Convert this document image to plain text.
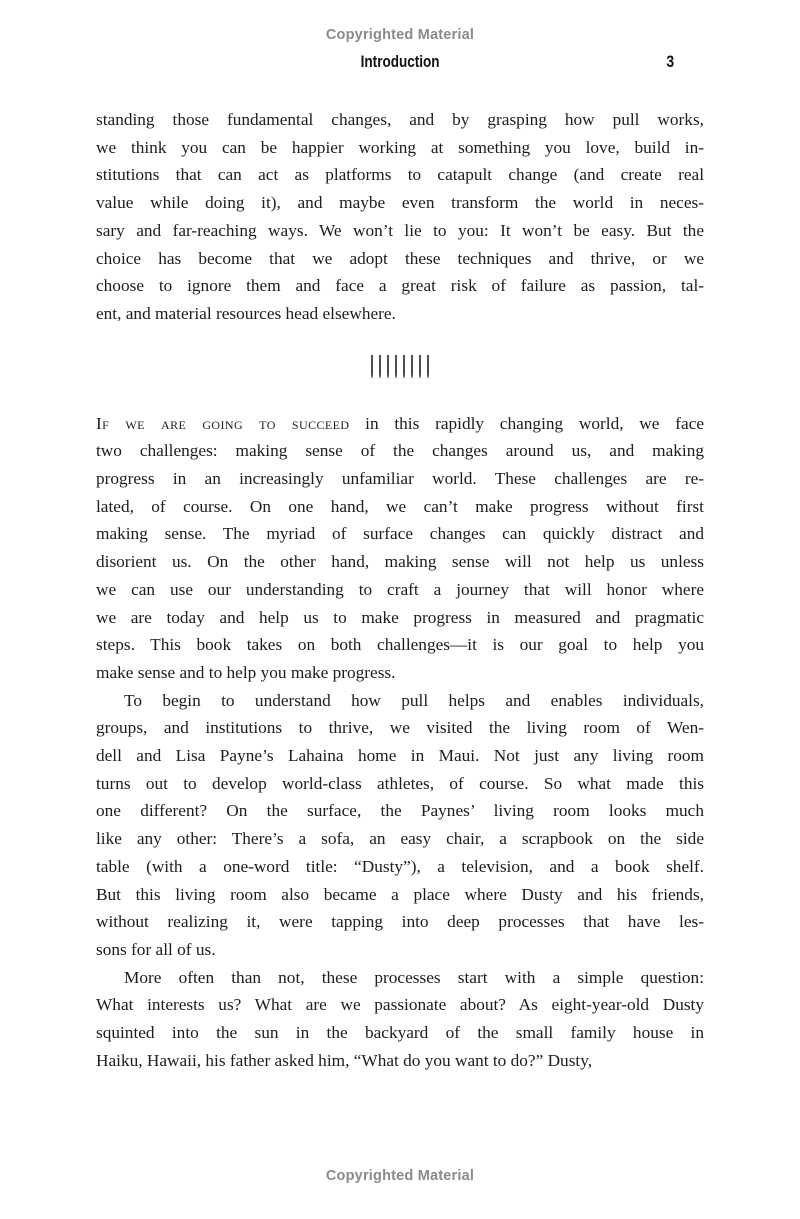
Copyrighted Material
Introduction	3
standing those fundamental changes, and by grasping how pull works,
we think you can be happier working at something you love, build in-
stitutions that can act as platforms to catapult change (and create real
value while doing it), and maybe even transform the world in neces-
sary and far-reaching ways. We won’t lie to you: It won’t be easy. But the
choice has become that we adopt these techniques and thrive, or we
choose to ignore them and face a great risk of failure as passion, tal-
ent, and material resources head elsewhere.
If we are going to succeed in this rapidly changing world, we face
two challenges: making sense of the changes around us, and making
progress in an increasingly unfamiliar world. These challenges are re-
lated, of course. On one hand, we can’t make progress without first
making sense. The myriad of surface changes can quickly distract and
disorient us. On the other hand, making sense will not help us unless
we can use our understanding to craft a journey that will honor where
we are today and help us to make progress in measured and pragmatic
steps. This book takes on both challenges—it is our goal to help you
make sense and to help you make progress.
To begin to understand how pull helps and enables individuals,
groups, and institutions to thrive, we visited the living room of Wen-
dell and Lisa Payne’s Lahaina home in Maui. Not just any living room
turns out to develop world-class athletes, of course. So what made this
one different? On the surface, the Paynes’ living room looks much
like any other: There’s a sofa, an easy chair, a scrapbook on the side
table (with a one-word title: “Dusty”), a television, and a book shelf.
But this living room also became a place where Dusty and his friends,
without realizing it, were tapping into deep processes that have les-
sons for all of us.
More often than not, these processes start with a simple question:
What interests us? What are we passionate about? As eight-year-old Dusty
squinted into the sun in the backyard of the small family house in
Haiku, Hawaii, his father asked him, “What do you want to do?” Dusty,
Copyrighted Material
